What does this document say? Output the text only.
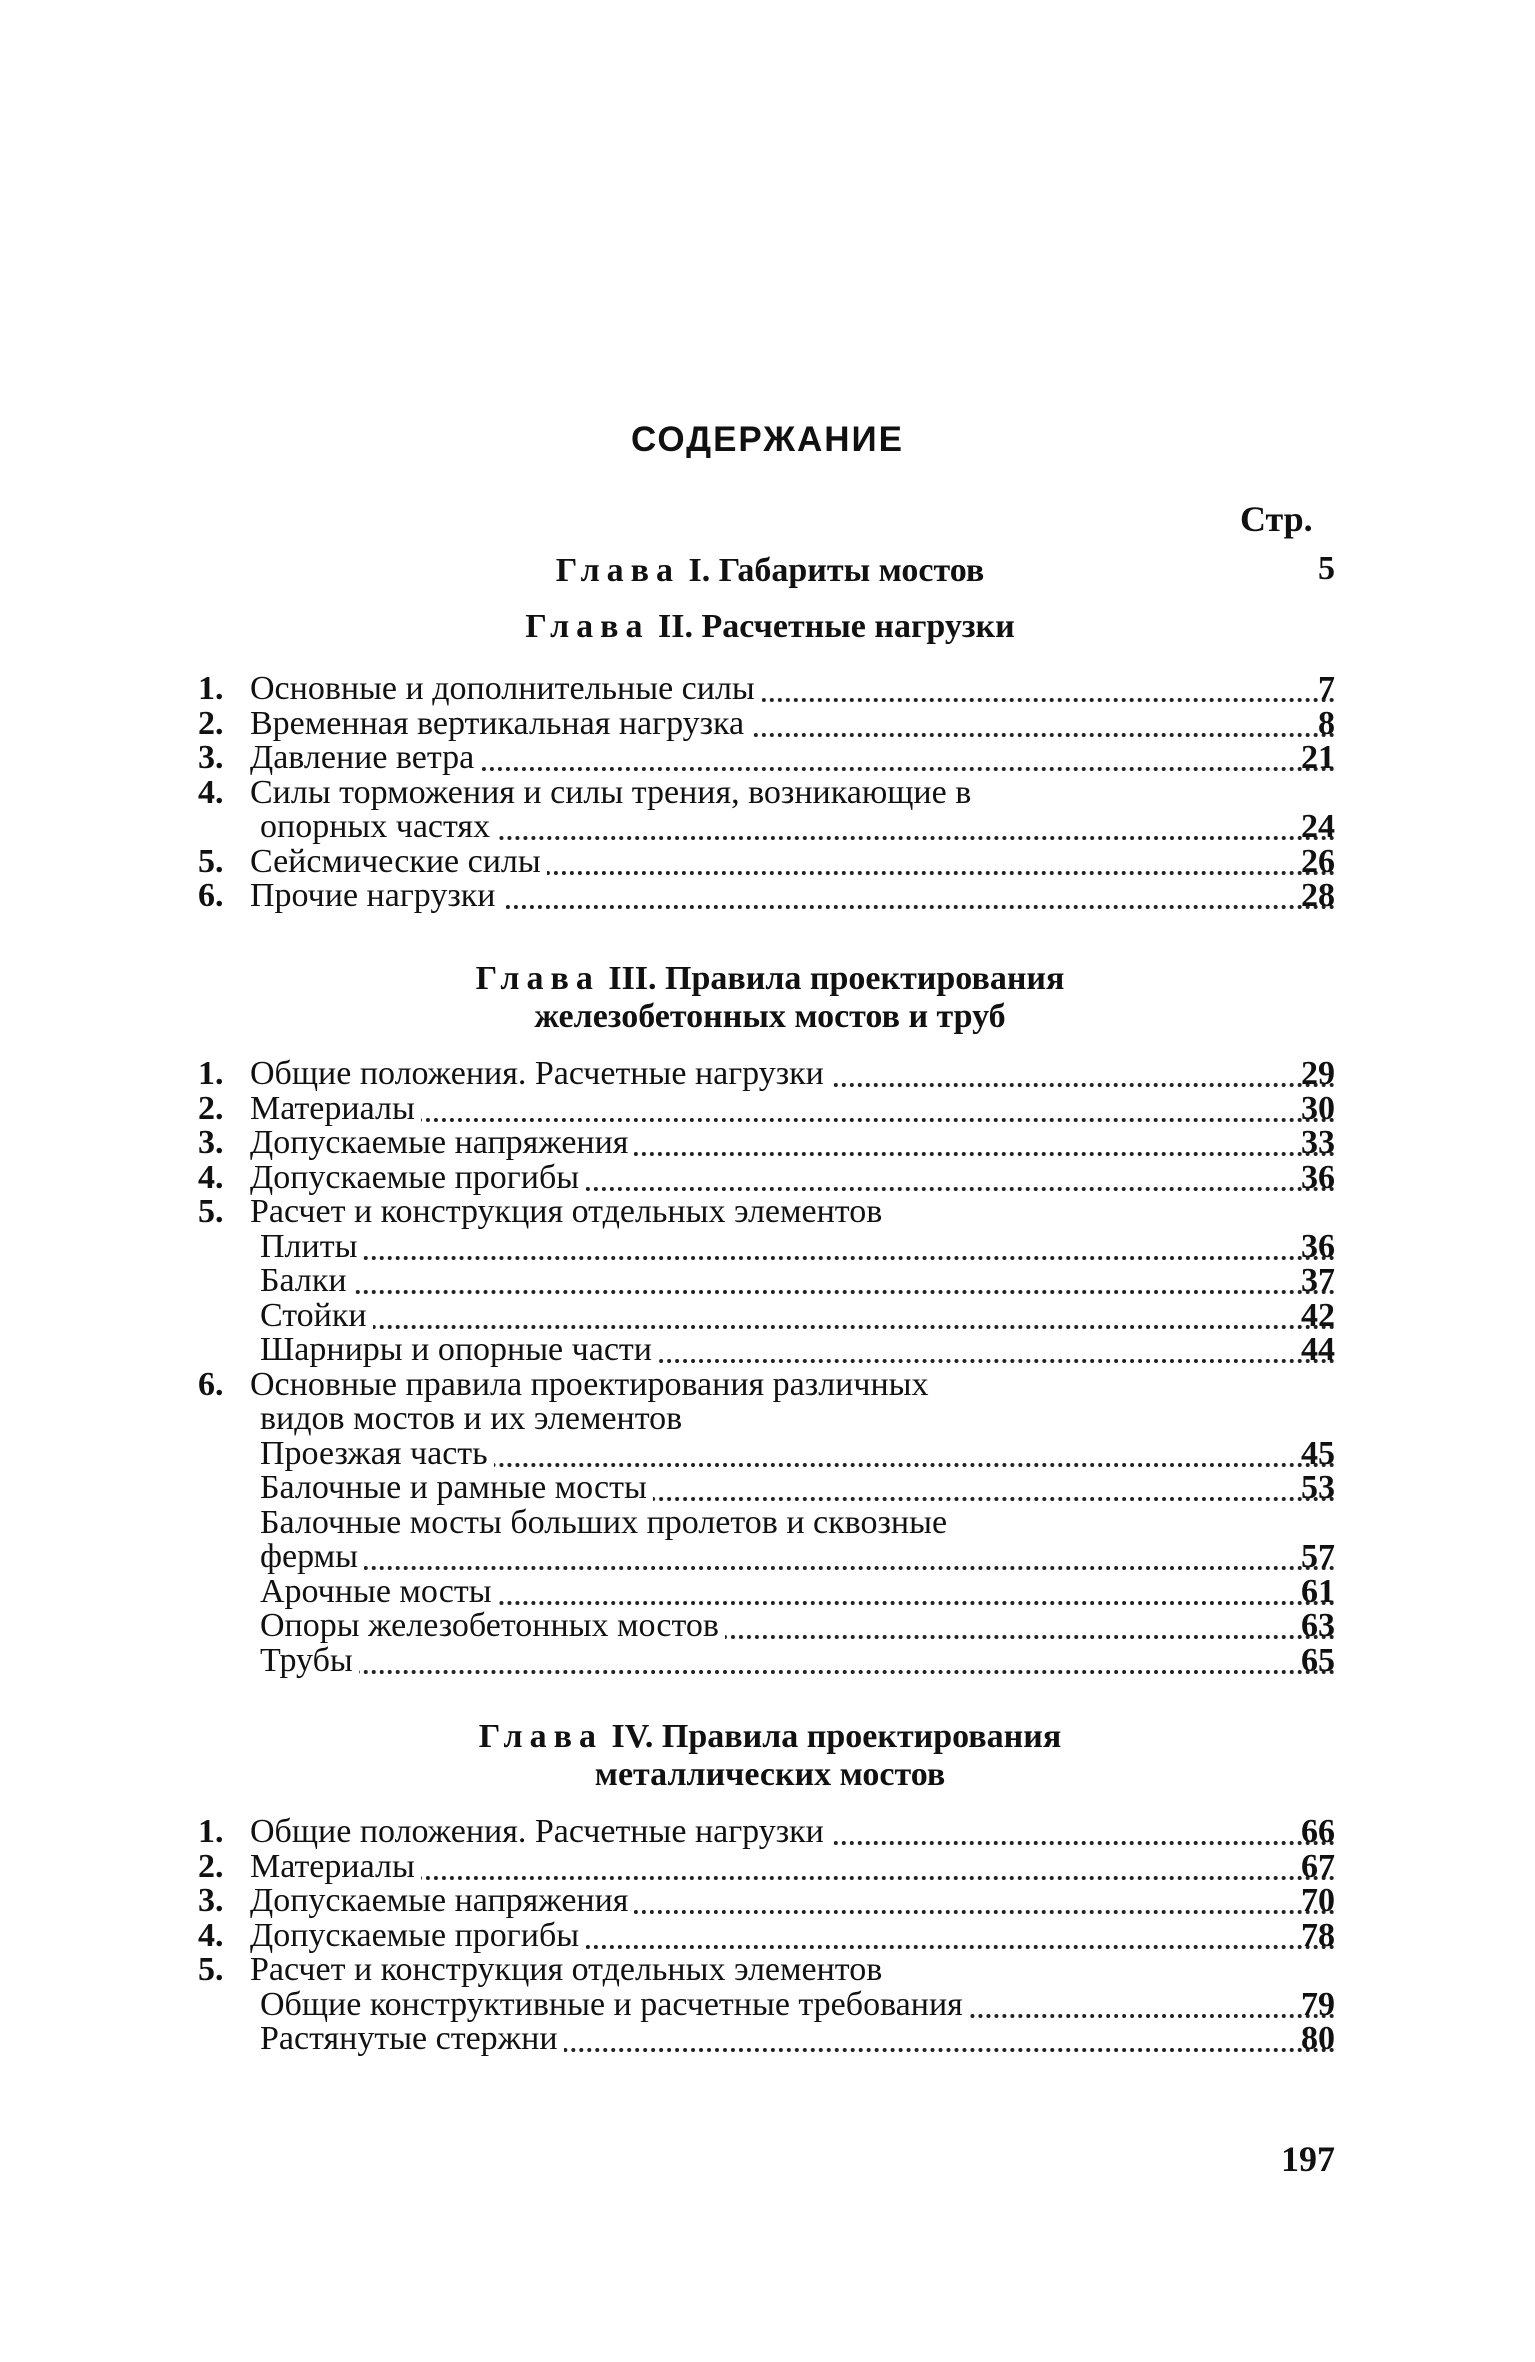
СОДЕРЖАНИЕ
Стр.
Глава I. Габариты мостов	5
Глава II. Расчетные нагрузки
1. Основные и дополнительные силы	7
2. Временная вертикальная нагрузка	8
3. Давление ветра	21
4. Силы торможения и силы трения, возникающие в
опорных частях	24
5. Сейсмические силы	26
6. Прочие нагрузки	28
Глава III. Правила проектирования
железобетонных мостов и труб
1. Общие положения. Расчетные нагрузки	29
2. Материалы	30
3. Допускаемые напряжения	33
4. Допускаемые прогибы	36
5. Расчет и конструкция отдельных элементов
Плиты	36
Балки	37
Стойки	42
Шарниры и опорные части	44
6. Основные правила проектирования различных
видов мостов и их элементов
Проезжая часть	45
Балочные и рамные мосты	53
Балочные мосты больших пролетов и сквозные
фермы	57
Арочные мосты	61
Опоры железобетонных мостов	63
Трубы	65
Глава IV. Правила проектирования
металлических мостов
1. Общие положения. Расчетные нагрузки	66
2. Материалы	67
3. Допускаемые напряжения	70
4. Допускаемые прогибы	78
5. Расчет и конструкция отдельных элементов
Общие конструктивные и расчетные требования	79
Растянутые стержни	80
197
